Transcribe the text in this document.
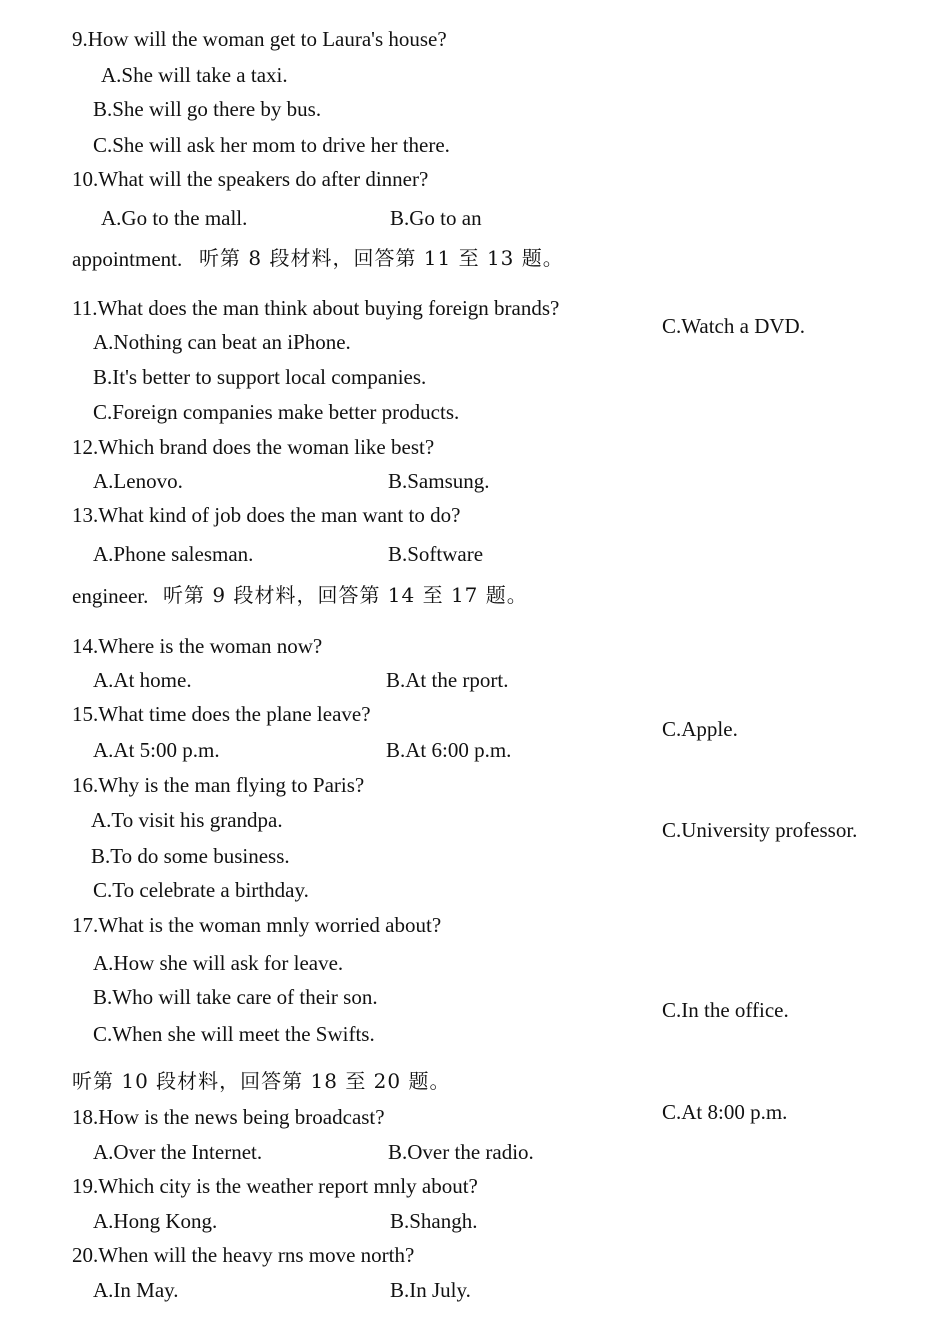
9.How will the woman get to Laura's house?
A.She will take a taxi.
B.She will go there by bus.
C.She will ask her mom to drive her there.
10.What will the speakers do after dinner?
A.Go to the mall.	B.Go to an
appointment. 听第 8 段材料，回答第 11 至 13 题。
11.What does the man think about buying foreign brands?
C.Watch a DVD.
A.Nothing can beat an iPhone.
B.It's better to support local companies.
C.Foreign companies make better products.
12.Which brand does the woman like best?
A.Lenovo.	B.Samsung.
13.What kind of job does the man want to do?
A.Phone salesman.	B.Software
engineer. 听第 9 段材料，回答第 14 至 17 题。
14.Where is the woman now?
A.At home.	B.At the rport.
15.What time does the plane leave?
C.Apple.
A.At 5:00 p.m.	B.At 6:00 p.m.
16.Why is the man flying to Paris?
A.To visit his grandpa.	C.University professor.
B.To do some business.
C.To celebrate a birthday.
17.What is the woman mnly worried about?
A.How she will ask for leave.
B.Who will take care of their son.
C.In the office.
C.When she will meet the Swifts.
听第 10 段材料，回答第 18 至 20 题。
C.At 8:00 p.m.
18.How is the news being broadcast?
A.Over the Internet.	B.Over the radio.
19.Which city is the weather report mnly about?
A.Hong Kong.	B.Shangh.
20.When will the heavy rns move north?
A.In May.	B.In July.
